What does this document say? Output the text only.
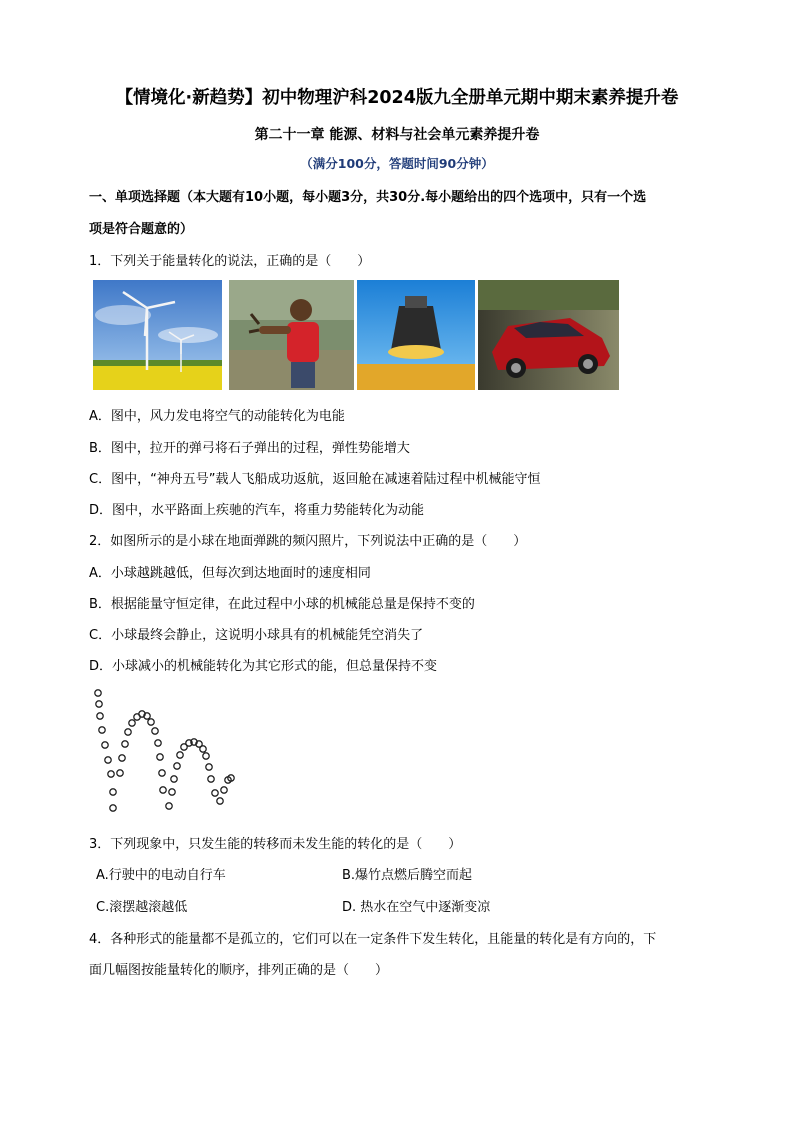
【情境化·新趋势】初中物理沪科2024版九全册单元期中期末素养提升卷
第二十一章 能源、材料与社会单元素养提升卷
（满分100分，答题时间90分钟）
一、单项选择题（本大题有10小题，每小题3分，共30分.每小题给出的四个选项中，只有一个选
项是符合题意的）
1．下列关于能量转化的说法，正确的是（　　）
A．图中，风力发电将空气的动能转化为电能
B．图中，拉开的弹弓将石子弹出的过程，弹性势能增大
C．图中，“神舟五号”载人飞船成功返航，返回舱在减速着陆过程中机械能守恒
D．图中，水平路面上疾驰的汽车，将重力势能转化为动能
2．如图所示的是小球在地面弹跳的频闪照片，下列说法中正确的是（　　）
A．小球越跳越低，但每次到达地面时的速度相同
B．根据能量守恒定律，在此过程中小球的机械能总量是保持不变的
C．小球最终会静止，这说明小球具有的机械能凭空消失了
D．小球减小的机械能转化为其它形式的能，但总量保持不变
3．下列现象中，只发生能的转移而未发生能的转化的是（　　）
A.行驶中的电动自行车	B.爆竹点燃后腾空而起
C.滚摆越滚越低	D. 热水在空气中逐渐变凉
4．各种形式的能量都不是孤立的，它们可以在一定条件下发生转化，且能量的转化是有方向的，下
面几幅图按能量转化的顺序，排列正确的是（　　）
